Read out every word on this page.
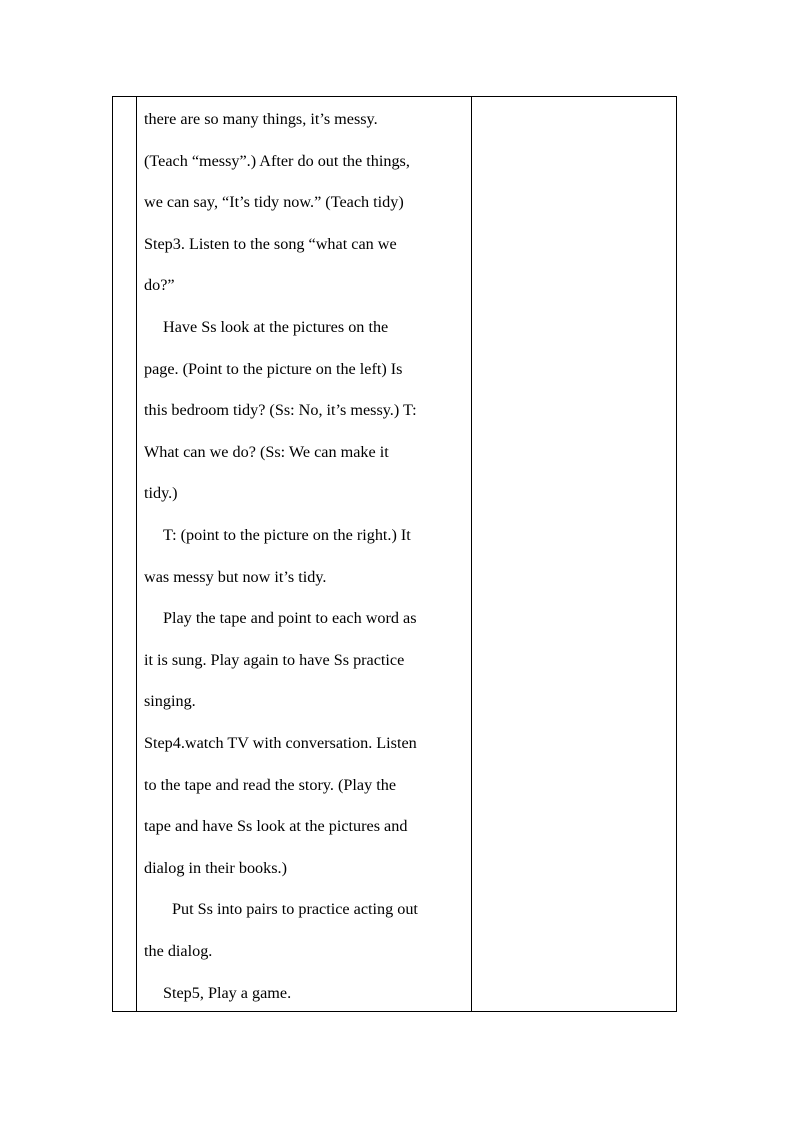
there are so many things, it’s messy.
(Teach “messy”.) After do out the things,
we can say, “It’s tidy now.” (Teach tidy)
Step3. Listen to the song “what can we
do?”
Have Ss look at the pictures on the
page. (Point to the picture on the left) Is
this bedroom tidy? (Ss: No, it’s messy.) T:
What can we do? (Ss: We can make it
tidy.)
T: (point to the picture on the right.) It
was messy but now it’s tidy.
Play the tape and point to each word as
it is sung. Play again to have Ss practice
singing.
Step4.watch TV with conversation. Listen
to the tape and read the story. (Play the
tape and have Ss look at the pictures and
dialog in their books.)
Put Ss into pairs to practice acting out
the dialog.
Step5, Play a game.
